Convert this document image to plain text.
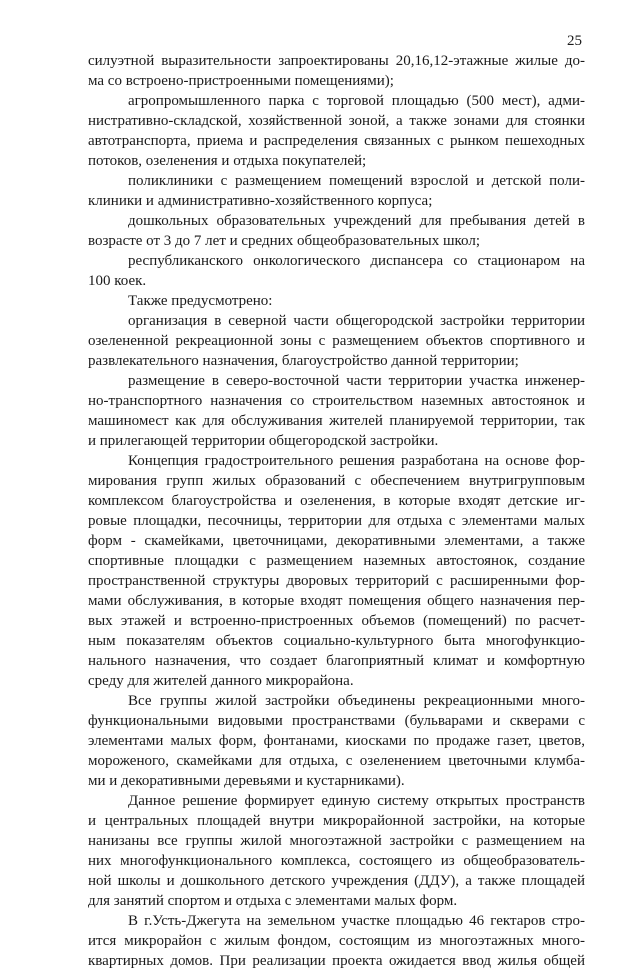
25
силуэтной выразительности запроектированы 20,16,12-этажные жилые до-
ма со встроено-пристроенными помещениями);
агропромышленного парка с торговой площадью (500 мест), адми-
нистративно-складской, хозяйственной зоной, а также зонами для стоянки
автотранспорта, приема и распределения связанных с рынком пешеходных
потоков, озеленения и отдыха покупателей;
поликлиники с размещением помещений взрослой и детской поли-
клиники и административно-хозяйственного корпуса;
дошкольных образовательных учреждений для пребывания детей в
возрасте от 3 до 7 лет и средних общеобразовательных школ;
республиканского онкологического диспансера со стационаром на
100 коек.
Также предусмотрено:
организация в северной части общегородской застройки территории
озелененной рекреационной зоны с размещением объектов спортивного и
развлекательного назначения, благоустройство данной территории;
размещение в северо-восточной части территории участка инженер-
но-транспортного назначения со строительством наземных автостоянок и
машиномест как для обслуживания жителей планируемой территории, так
и прилегающей территории общегородской застройки.
Концепция градостроительного решения разработана на основе фор-
мирования групп жилых образований с обеспечением внутригрупповым
комплексом благоустройства и озеленения, в которые входят детские иг-
ровые площадки, песочницы, территории для отдыха с элементами малых
форм - скамейками, цветочницами, декоративными элементами, а также
спортивные площадки с размещением наземных автостоянок, создание
пространственной структуры дворовых территорий с расширенными фор-
мами обслуживания, в которые входят помещения общего назначения пер-
вых этажей и встроенно-пристроенных объемов (помещений) по расчет-
ным показателям объектов социально-культурного быта многофункцио-
нального назначения, что создает благоприятный климат и комфортную
среду для жителей данного микрорайона.
Все группы жилой застройки объединены рекреационными много-
функциональными видовыми пространствами (бульварами и скверами с
элементами малых форм, фонтанами, киосками по продаже газет, цветов,
мороженого, скамейками для отдыха, с озеленением цветочными клумба-
ми и декоративными деревьями и кустарниками).
Данное решение формирует единую систему открытых пространств
и центральных площадей внутри микрорайонной застройки, на которые
нанизаны все группы жилой многоэтажной застройки с размещением на
них многофункционального комплекса, состоящего из общеобразователь-
ной школы и дошкольного детского учреждения (ДДУ), а также площадей
для занятий спортом и отдыха с элементами малых форм.
В г.Усть-Джегута на земельном участке площадью 46 гектаров стро-
ится микрорайон с жилым фондом, состоящим из многоэтажных много-
квартирных домов. При реализации проекта ожидается ввод жилья общей
